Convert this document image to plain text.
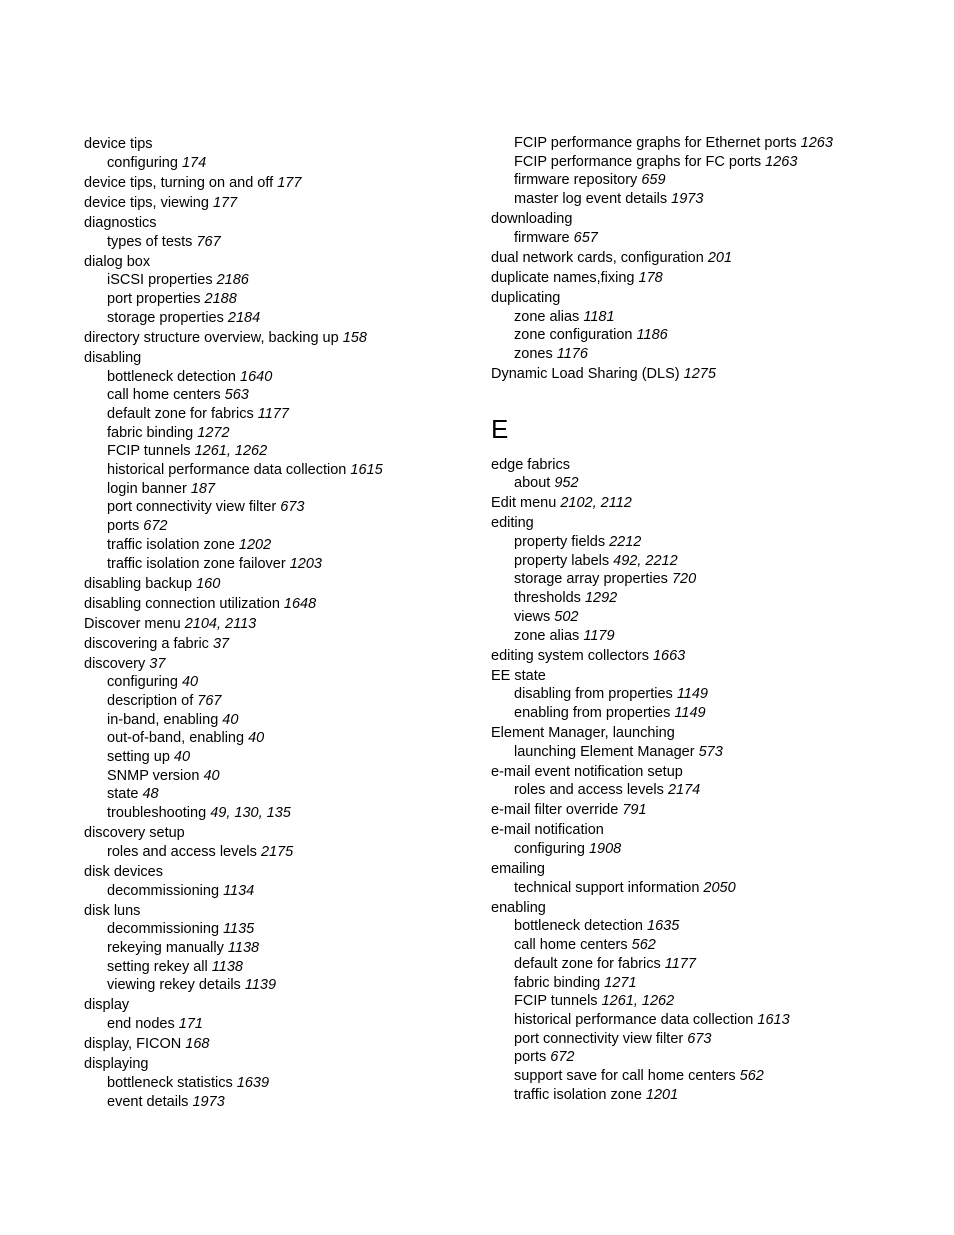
device tips
configuring 174
device tips, turning on and off 177
device tips, viewing 177
diagnostics
types of tests 767
dialog box
iSCSI properties 2186
port properties 2188
storage properties 2184
directory structure overview, backing up 158
disabling
bottleneck detection 1640
call home centers 563
default zone for fabrics 1177
fabric binding 1272
FCIP tunnels 1261, 1262
historical performance data collection 1615
login banner 187
port connectivity view filter 673
ports 672
traffic isolation zone 1202
traffic isolation zone failover 1203
disabling backup 160
disabling connection utilization 1648
Discover menu 2104, 2113
discovering a fabric 37
discovery 37
configuring 40
description of 767
in-band, enabling 40
out-of-band, enabling 40
setting up 40
SNMP version 40
state 48
troubleshooting 49, 130, 135
discovery setup
roles and access levels 2175
disk devices
decommissioning 1134
disk luns
decommissioning 1135
rekeying manually 1138
setting rekey all 1138
viewing rekey details 1139
display
end nodes 171
display, FICON 168
displaying
bottleneck statistics 1639
event details 1973
FCIP performance graphs for Ethernet ports 1263
FCIP performance graphs for FC ports 1263
firmware repository 659
master log event details 1973
downloading
firmware 657
dual network cards, configuration 201
duplicate names,fixing 178
duplicating
zone alias 1181
zone configuration 1186
zones 1176
Dynamic Load Sharing (DLS) 1275
E
edge fabrics
about 952
Edit menu 2102, 2112
editing
property fields 2212
property labels 492, 2212
storage array properties 720
thresholds 1292
views 502
zone alias 1179
editing system collectors 1663
EE state
disabling from properties 1149
enabling from properties 1149
Element Manager, launching
launching Element Manager 573
e-mail event notification setup
roles and access levels 2174
e-mail filter override 791
e-mail notification
configuring 1908
emailing
technical support information 2050
enabling
bottleneck detection 1635
call home centers 562
default zone for fabrics 1177
fabric binding 1271
FCIP tunnels 1261, 1262
historical performance data collection 1613
port connectivity view filter 673
ports 672
support save for call home centers 562
traffic isolation zone 1201
